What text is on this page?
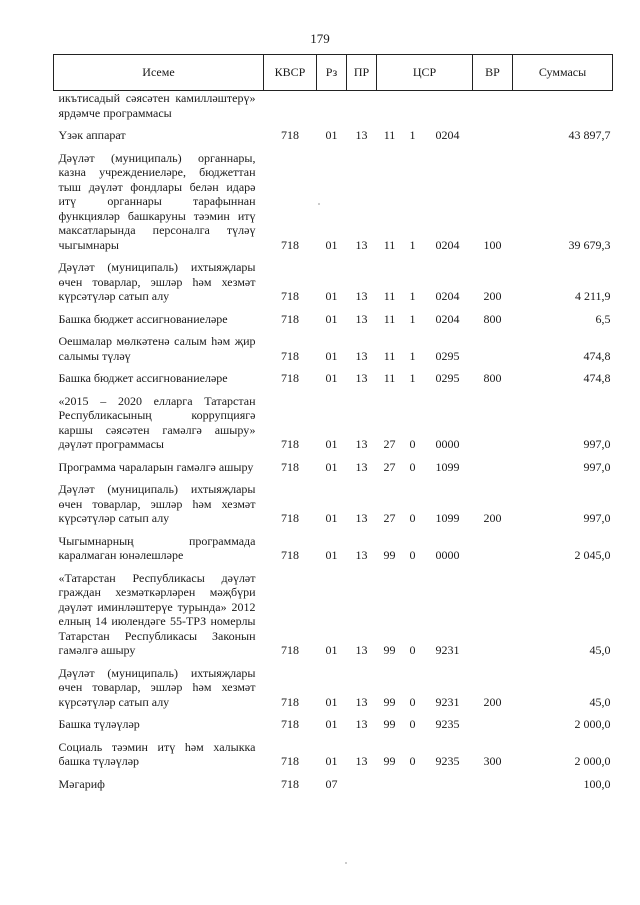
179
Исеме	КВСР	Рз	ПР	ЦСР			ВР	Суммасы
икътисадый сәясәтен камилләштерү» ярдәмче программасы								
Үзәк аппарат	718	01	13	11	1	0204		43 897,7
Дәүләт (муниципаль) органнары, казна учреждениеләре, бюджеттан тыш дәүләт фондлары белән идарә итү органнары тарафыннан функцияләр башкаруны тәэмин итү максатларында персоналга түләү чыгымнары	718	01	13	11	1	0204	100	39 679,3
Дәүләт (муниципаль) ихтыяҗлары өчен товарлар, эшләр һәм хезмәт күрсәтүләр сатып алу	718	01	13	11	1	0204	200	4 211,9
Башка бюджет ассигнованиеләре	718	01	13	11	1	0204	800	6,5
Оешмалар мөлкәтенә салым һәм җир салымы түләү	718	01	13	11	1	0295		474,8
Башка бюджет ассигнованиеләре	718	01	13	11	1	0295	800	474,8
«2015 – 2020 елларга Татарстан Республикасының коррупциягә каршы сәясәтен гамәлгә ашыру» дәүләт программасы	718	01	13	27	0	0000		997,0
Программа чараларын гамәлгә ашыру	718	01	13	27	0	1099		997,0
Дәүләт (муниципаль) ихтыяҗлары өчен товарлар, эшләр һәм хезмәт күрсәтүләр сатып алу	718	01	13	27	0	1099	200	997,0
Чыгымнарның программада каралмаган юнәлешләре	718	01	13	99	0	0000		2 045,0
«Татарстан Республикасы дәүләт граждан хезмәткәрләрен мәҗбүри дәүләт иминләштерүе турында» 2012 елның 14 июлендәге 55-ТРЗ номерлы Татарстан Республикасы Законын гамәлгә ашыру	718	01	13	99	0	9231		45,0
Дәүләт (муниципаль) ихтыяҗлары өчен товарлар, эшләр һәм хезмәт күрсәтүләр сатып алу	718	01	13	99	0	9231	200	45,0
Башка түләүләр	718	01	13	99	0	9235		2 000,0
Социаль тәэмин итү һәм халыкка башка түләүләр	718	01	13	99	0	9235	300	2 000,0
Мәгариф	718	07						100,0
